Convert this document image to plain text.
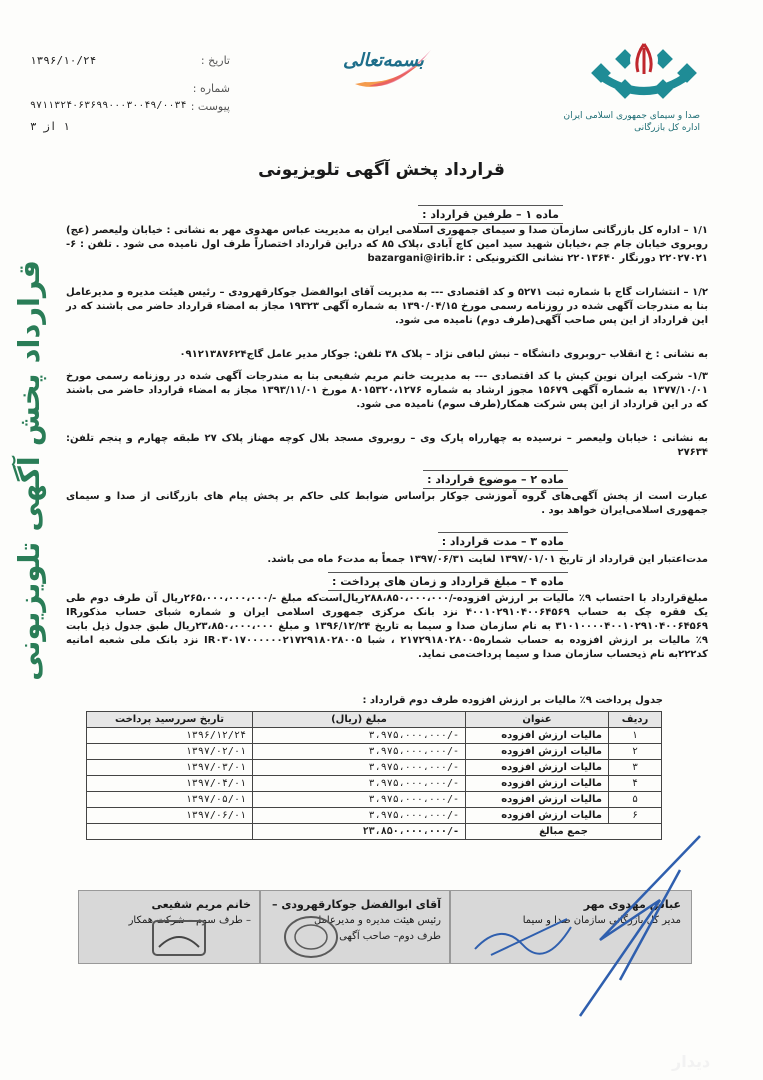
صدا و سیمای جمهوری اسلامی ایران
اداره کل بازرگانی
بسمه‌تعالی
تاریخ :
۱۳۹۶/۱۰/۲۴
شماره :
پیوست :
۹۷۱۱۳۲۴۰۶۳۶۹۹۰۰۰۳۰۰۴۹/۰۰۳۴
۱ از ۳
قرارداد پخش آگهی تلویزیونی
قرارداد پخش آگهی تلویزیونی
ماده ۱ – طرفین قرارداد :
۱/۱ – اداره کل بازرگانی سازمان صدا و سیمای جمهوری اسلامی ایران به مدیریت عباس مهدوی مهر به نشانی : خیابان ولیعصر (عج) روبروی خیابان جام جم ،خیابان شهید سید امین کاچ آبادی ،پلاک ۸۵ که دراین قرارداد اختصاراً طرف اول نامیده می شود . تلفن : ۶- ۲۲۰۲۷۰۲۱ دورنگار ۲۲۰۱۳۶۴۰ نشانی الکترونیکی : bazargani@irib.ir
۱/۲ – انتشارات گاج با شماره ثبت ۵۲۷۱ و کد اقتصادی --- به مدیریت آقای ابوالفضل جوکارقهرودی – رئیس هیئت مدیره و مدیرعامل بنا به مندرجات آگهی شده در روزنامه رسمی مورخ ۱۳۹۰/۰۴/۱۵ به شماره آگهی ۱۹۳۲۳ مجاز به امضاء قرارداد حاضر می باشند که در این قرارداد از این پس صاحب آگهی(طرف دوم) نامیده می شود.
به نشانی : خ انقلاب –روبروی دانشگاه – نبش لبافی نژاد – پلاک ۳۸ تلفن: جوکار مدیر عامل گاج۰۹۱۲۱۳۸۷۶۲۴
۱/۳- شرکت ایران نوین کیش با کد اقتصادی --- به مدیریت خانم مریم شفیعی بنا به مندرجات آگهی شده در روزنامه رسمی مورخ ۱۳۷۷/۱۰/۰۱ به شماره آگهی ۱۵۶۷۹ مجوز ارشاد به شماره ۸۰۱۵۳۲۰،۱۲۷۶ مورخ ۱۳۹۳/۱۱/۰۱ مجاز به امضاء قرارداد حاضر می باشند که در این قرارداد از این پس شرکت همکار(طرف سوم) نامیده می شود.
به نشانی : خیابان ولیعصر – نرسیده به چهارراه پارک وی – روبروی مسجد بلال کوچه مهناز پلاک ۲۷ طبقه چهارم و پنجم تلفن: ۲۷۶۳۴
ماده ۲ – موضوع قرارداد :
عبارت است از پخش آگهی‌های گروه آموزشی جوکار براساس ضوابط کلی حاکم بر پخش پیام های بازرگانی از صدا و سیمای جمهوری اسلامی‌ایران خواهد بود .
ماده ۳ – مدت قرارداد :
مدت‌اعتبار این قرارداد از تاریخ ۱۳۹۷/۰۱/۰۱ لغایت ۱۳۹۷/۰۶/۳۱ جمعاً به مدت۶ ماه می باشد.
ماده ۴ – مبلغ قرارداد و زمان های پرداخت :
مبلغ‌قرارداد با احتساب ۹٪ مالیات بر ارزش افزوده-/۲۸۸،۸۵۰،۰۰۰،۰۰۰ریال‌است‌که مبلغ -/۲۶۵،۰۰۰،۰۰۰،۰۰۰ریال آن طرف دوم طی یک فقره چک به حساب ۴۰۰۱۰۲۹۱۰۴۰۰۶۴۵۶۹ نزد بانک مرکزی جمهوری اسلامی ایران و شماره شبای حساب مذکورIR ۳۱۰۱۰۰۰۰۴۰۰۱۰۲۹۱۰۴۰۰۶۴۵۶۹ به نام سازمان صدا و سیما به تاریخ ۱۳۹۶/۱۲/۲۴ و مبلغ ۲۳،۸۵۰،۰۰۰،۰۰۰ریال طبق جدول ذیل بابت ۹٪ مالیات بر ارزش افزوده به حساب شماره۲۱۷۲۹۱۸۰۲۸۰۰۵ ، شبا IR۰۳۰۱۷۰۰۰۰۰۰۲۱۷۲۹۱۸۰۲۸۰۰۵ نزد بانک ملی شعبه امانیه کد۲۲۲به نام ذیحساب سازمان صدا و سیما پرداخت‌می نماید.
جدول پرداخت ۹٪ مالیات بر ارزش افزوده طرف دوم قرارداد :
ردیف	عنوان	مبلغ (ریال)	تاریخ سررسید پرداخت
۱	مالیات ارزش افزوده	-/۳،۹۷۵،۰۰۰،۰۰۰	۱۳۹۶/۱۲/۲۴
۲	مالیات ارزش افزوده	-/۳،۹۷۵،۰۰۰،۰۰۰	۱۳۹۷/۰۲/۰۱
۳	مالیات ارزش افزوده	-/۳،۹۷۵،۰۰۰،۰۰۰	۱۳۹۷/۰۳/۰۱
۴	مالیات ارزش افزوده	-/۳،۹۷۵،۰۰۰،۰۰۰	۱۳۹۷/۰۴/۰۱
۵	مالیات ارزش افزوده	-/۳،۹۷۵،۰۰۰،۰۰۰	۱۳۹۷/۰۵/۰۱
۶	مالیات ارزش افزوده	-/۳،۹۷۵،۰۰۰،۰۰۰	۱۳۹۷/۰۶/۰۱
جمع مبالغ		-/۲۳،۸۵۰،۰۰۰،۰۰۰	
عباس مهدوی مهر
مدیر کل بازرگانی سازمان صدا و سیما
آقای ابوالفضل جوکارقهرودی –
رئیس هیئت مدیره و مدیرعامل
طرف دوم– صاحب آگهی
خانم مریم شفیعی
– طرف سوم – شرکت همکار
دیدار
